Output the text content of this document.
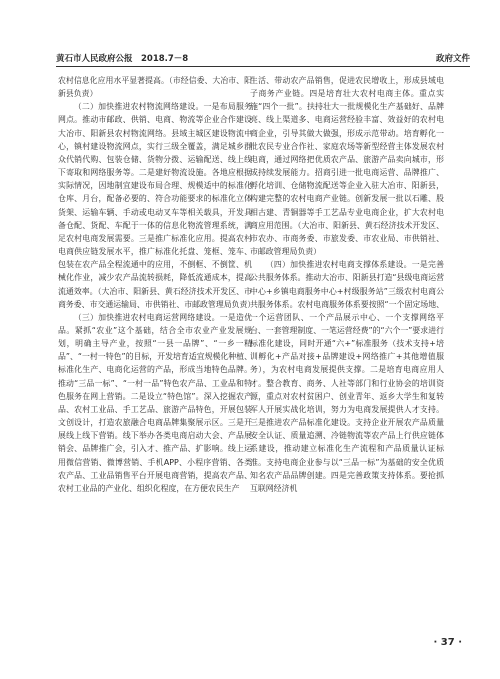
黄石市人民政府公报　2018.7－8	政府文件

农村信息化应用水平显著提高。（市经信委、大冶市、阳新县负责）

（二）加快推进农村物流网络建设。一是布局服务网点。推动市邮政、供销、电商、物流等企业合作建设大冶市、阳新县农村物流网络。县域主城区建设物流中心，镇村建设物流网点，实行三级全覆盖，满足城乡群众代销代购、包装仓储、货物分拨、运输配送、线上线下寄取和网络服务等。二是建好物流设施。各地应根据实际情况，因地制宜建设布局合理、规模适中的标准化仓库、月台，配备必要的、符合功能要求的标准化立体货架、运输车辆、手动或电动叉车等相关载具，开发具备仓配、货配、车配于一体的信息化物流管理系统，满足农村电商发展需要。三是推广标准化应用。提高农村电商供应链发展水平，推广标准化托盘、笼框、笼车、包装在农产品全程流通中的应用，不倒框、不倒筐、机械化作业，减少农产品流转损耗，降低流通成本，提高流通效率。（大冶市、阳新县、黄石经济技术开发区、市商务委、市交通运输局、市供销社、市邮政管理局负责）

（三）加快推进农村电商运营网络建设。一是造优品。紧抓“农业”这个基础，结合全市农业产业发展规划，明确主导产业，按照“一县一品牌”、“一乡一精品”、“一村一特色”的目标，开发培育适宜规模化种植、标准化生产、电商化运营的产品，形成当地特色品牌。推动“三品一标”、“一村一品”特色农产品、工业品和特色服务在网上营销。二是设立“特色馆”。深入挖掘农产品、农村工业品、手工艺品、旅游产品特色，开展包装文创设计，打造农旅融合电商品牌集聚展示区。三是开展线上线下营销。线下举办各类电商启动大会、产品展销会、品牌推广会，引入才、推产品、扩影响。线上运用微信营销、微博营销、手机APP、小程序营销、各类农产品、工业品销售平台开展电商营销，提高农产品、农村工业品的产业化、组织化程度，在方便农民生产

生活、带动农产品销售，促进农民增收上，形成县域电子商务产业链。四是培育壮大农村电商主体。重点实施“四个一批”。扶持壮大一批规模化生产基础好、品牌亮、线上渠道多、电商运营经验丰富、效益好的农村电商企业，引导其做大做强，形成示范带动。培育孵化一批农民专业合作社、家庭农场等新型经营主体发展农村电商，通过网络把优质农产品、旅游产品卖向城市，形成持续发展能力。招商引进一批电商运营、品牌推广、孵化培训、仓储物流配送等企业入驻大冶市、阳新县，构建完整的农村电商产业链。创新发展一批以石雕、股相古建、青铜器等手工艺品专业电商企业，扩大农村电商应用范围。（大冶市、阳新县、黄石经济技术开发区、市农办、市商务委、市旅发委、市农业局、市供销社、市邮政管理局负责）

（四）加快推进农村电商支撑体系建设。一是完善公共服务体系。推动大冶市、阳新县打造“县级电商运营中心+乡镇电商服务中心+村级服务站”三级农村电商公共服务体系。农村电商服务体系要按照“一个固定场地、一个运营团队、一个产品展示中心、一个支撑网络平台、一套管理制度、一笔运营经费”的“六个一”要求进行标准化建设，同时开通“六+”标准服务（技术支持+培训孵化+产品对接+品牌建设+网络推广+其他增值服务），为农村电商发展提供支撑。二是培育电商应用人才。整合教育、商务、人社等部门和行业协会的培训资源，重点对农村贫困户、创业青年、返乡大学生和复转军人开展实战化培训，努力为电商发展提供人才支持。三是推进农产品标准化建设。支持企业开展农产品质量安全认证、质量追溯、冷链物流等农产品上行供应链体系建设，推动建立标准化生产流程和产品质量认证标准。支持电商企业参与以“三品一标”为基础的安全优质知名农产品品牌创建。四是完善政策支持体系。要抢抓互联网经济机

· 37 ·
